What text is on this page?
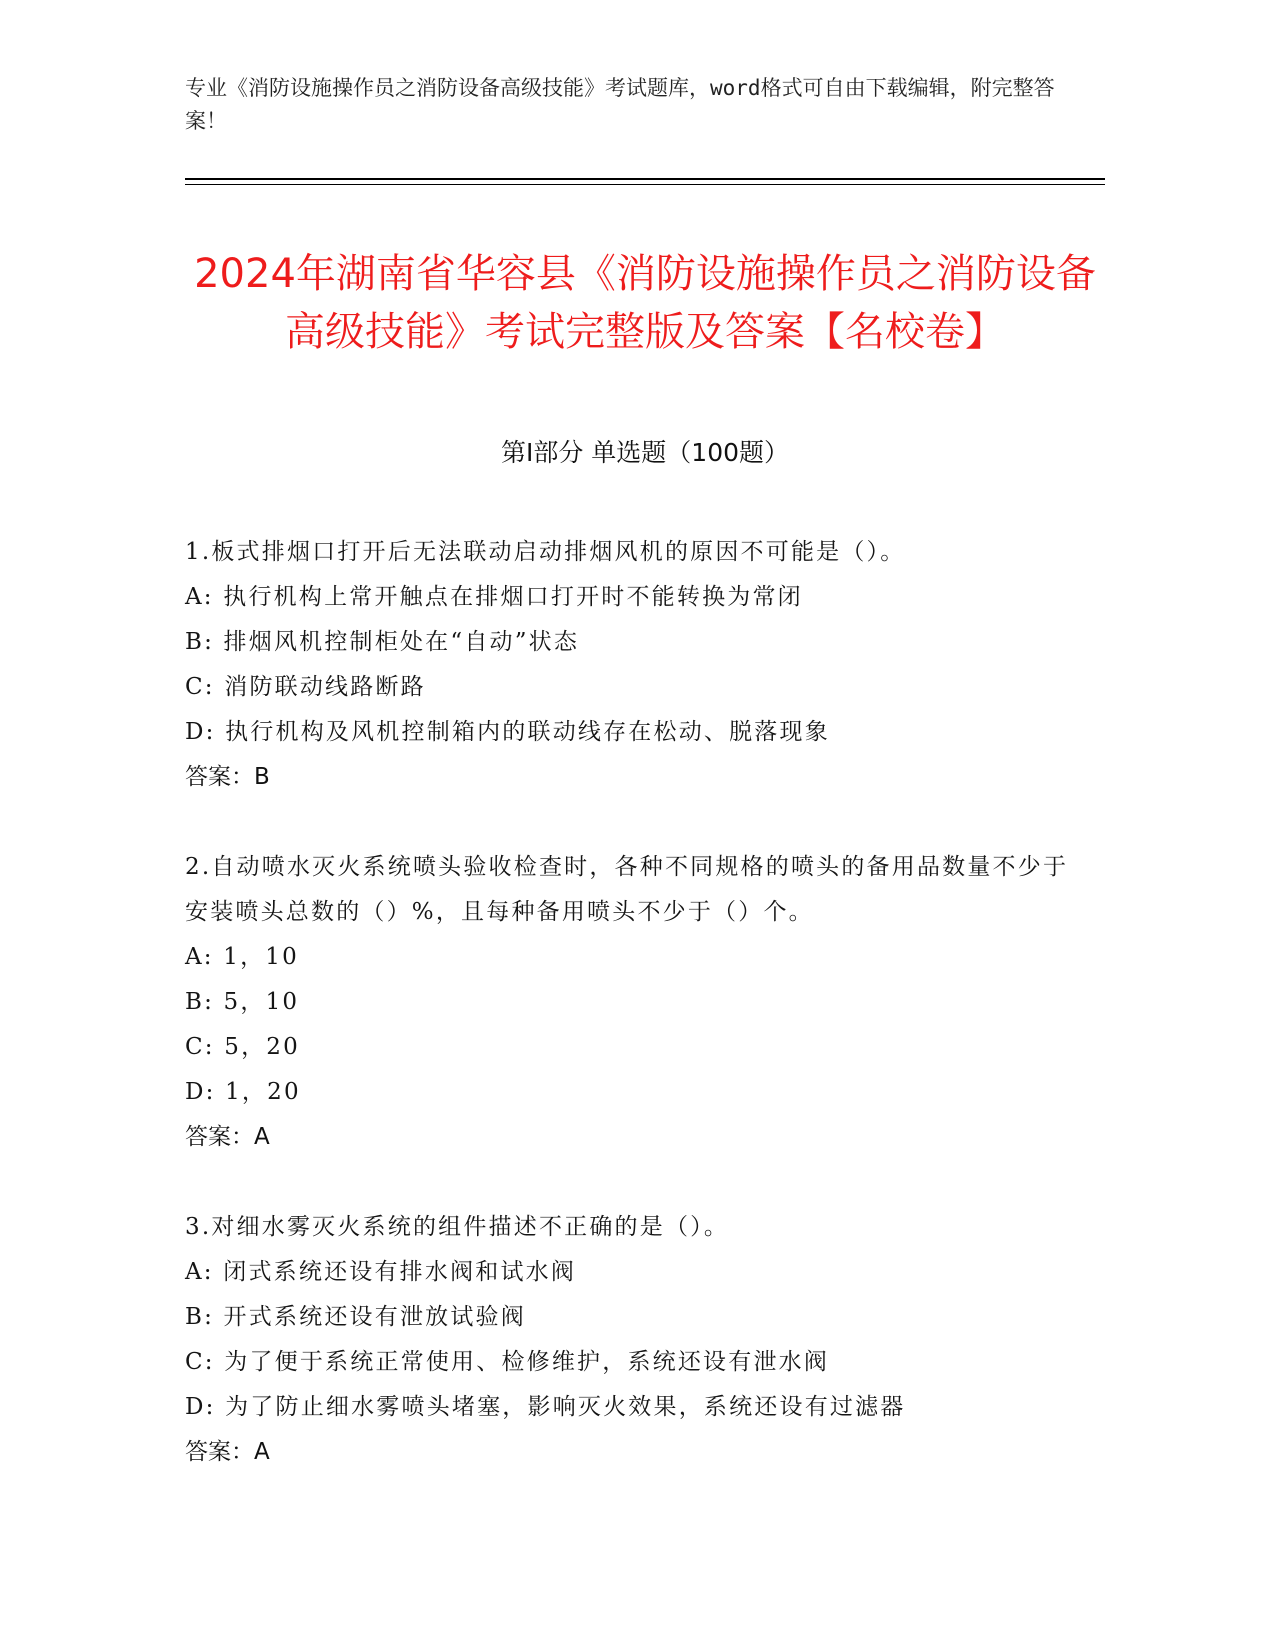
专业《消防设施操作员之消防设备高级技能》考试题库，word格式可自由下载编辑，附完整答案！
2024年湖南省华容县《消防设施操作员之消防设备高级技能》考试完整版及答案【名校卷】
第I部分 单选题（100题）
1.板式排烟口打开后无法联动启动排烟风机的原因不可能是（）。
A: 执行机构上常开触点在排烟口打开时不能转换为常闭
B: 排烟风机控制柜处在“自动”状态
C: 消防联动线路断路
D: 执行机构及风机控制箱内的联动线存在松动、脱落现象
答案：B
2.自动喷水灭火系统喷头验收检查时，各种不同规格的喷头的备用品数量不少于安装喷头总数的（）%，且每种备用喷头不少于（）个。
A: 1，10
B: 5，10
C: 5，20
D: 1，20
答案：A
3.对细水雾灭火系统的组件描述不正确的是（）。
A: 闭式系统还设有排水阀和试水阀
B: 开式系统还设有泄放试验阀
C: 为了便于系统正常使用、检修维护，系统还设有泄水阀
D: 为了防止细水雾喷头堵塞，影响灭火效果，系统还设有过滤器
答案：A
